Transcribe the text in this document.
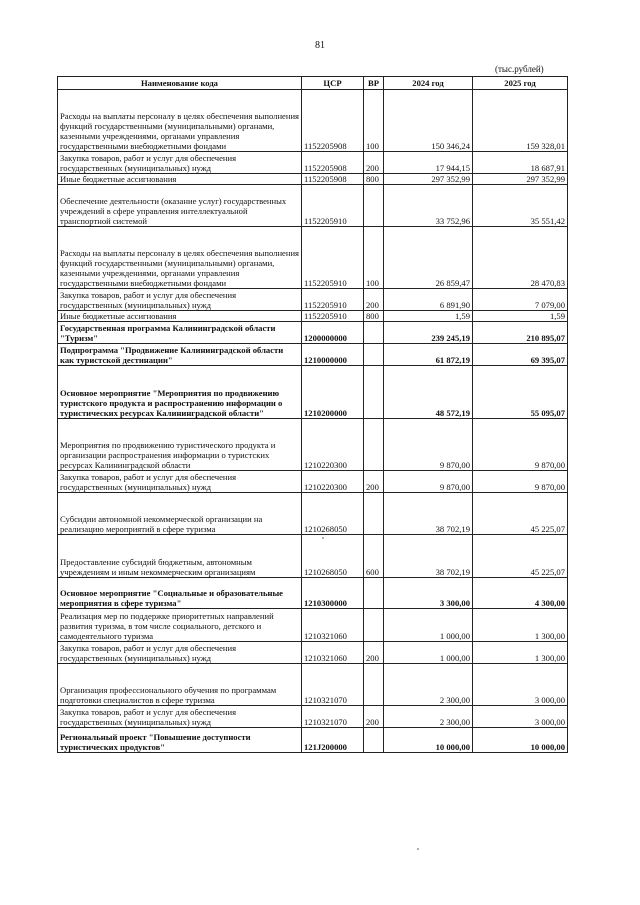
81
(тыс.рублей)
Наименование кода	ЦСР	ВР	2024 год	2025 год
Расходы на выплаты персоналу в целях обеспечения выполнения функций государственными (муниципальными) органами, казенными учреждениями, органами управления государственными внебюджетными фондами	1152205908	100	150 346,24	159 328,01
Закупка товаров, работ и услуг для обеспечения государственных (муниципальных) нужд	1152205908	200	17 944,15	18 687,91
Иные бюджетные ассигнования	1152205908	800	297 352,99	297 352,99
Обеспечение деятельности (оказание услуг) государственных учреждений в сфере управления интеллектуальной транспортной системой	1152205910		33 752,96	35 551,42
Расходы на выплаты персоналу в целях обеспечения выполнения функций государственными (муниципальными) органами, казенными учреждениями, органами управления государственными внебюджетными фондами	1152205910	100	26 859,47	28 470,83
Закупка товаров, работ и услуг для обеспечения государственных (муниципальных) нужд	1152205910	200	6 891,90	7 079,00
Иные бюджетные ассигнования	1152205910	800	1,59	1,59
Государственная программа Калининградской области "Туризм"	1200000000		239 245,19	210 895,07
Подпрограмма "Продвижение Калининградской области как туристской дестинации"	1210000000		61 872,19	69 395,07
Основное мероприятие "Мероприятия по продвижению туристского продукта и распространению информации о туристических ресурсах Калининградской области"	1210200000		48 572,19	55 095,07
Мероприятия по продвижению туристического продукта и организации распространения информации о туристских ресурсах Калининградской области	1210220300		9 870,00	9 870,00
Закупка товаров, работ и услуг для обеспечения государственных (муниципальных) нужд	1210220300	200	9 870,00	9 870,00
Субсидии автономной некоммерческой организации на реализацию мероприятий в сфере туризма	1210268050		38 702,19	45 225,07
Предоставление субсидий бюджетным, автономным учреждениям и иным некоммерческим организациям	1210268050	600	38 702,19	45 225,07
Основное мероприятие "Социальные и образовательные мероприятия в сфере туризма"	1210300000		3 300,00	4 300,00
Реализация мер по поддержке приоритетных направлений развития туризма, в том числе социального, детского и самодеятельного туризма	1210321060		1 000,00	1 300,00
Закупка товаров, работ и услуг для обеспечения государственных (муниципальных) нужд	1210321060	200	1 000,00	1 300,00
Организация профессионального обучения по программам подготовки специалистов в сфере туризма	1210321070		2 300,00	3 000,00
Закупка товаров, работ и услуг для обеспечения государственных (муниципальных) нужд	1210321070	200	2 300,00	3 000,00
Региональный проект "Повышение доступности туристических продуктов"	121J200000		10 000,00	10 000,00
